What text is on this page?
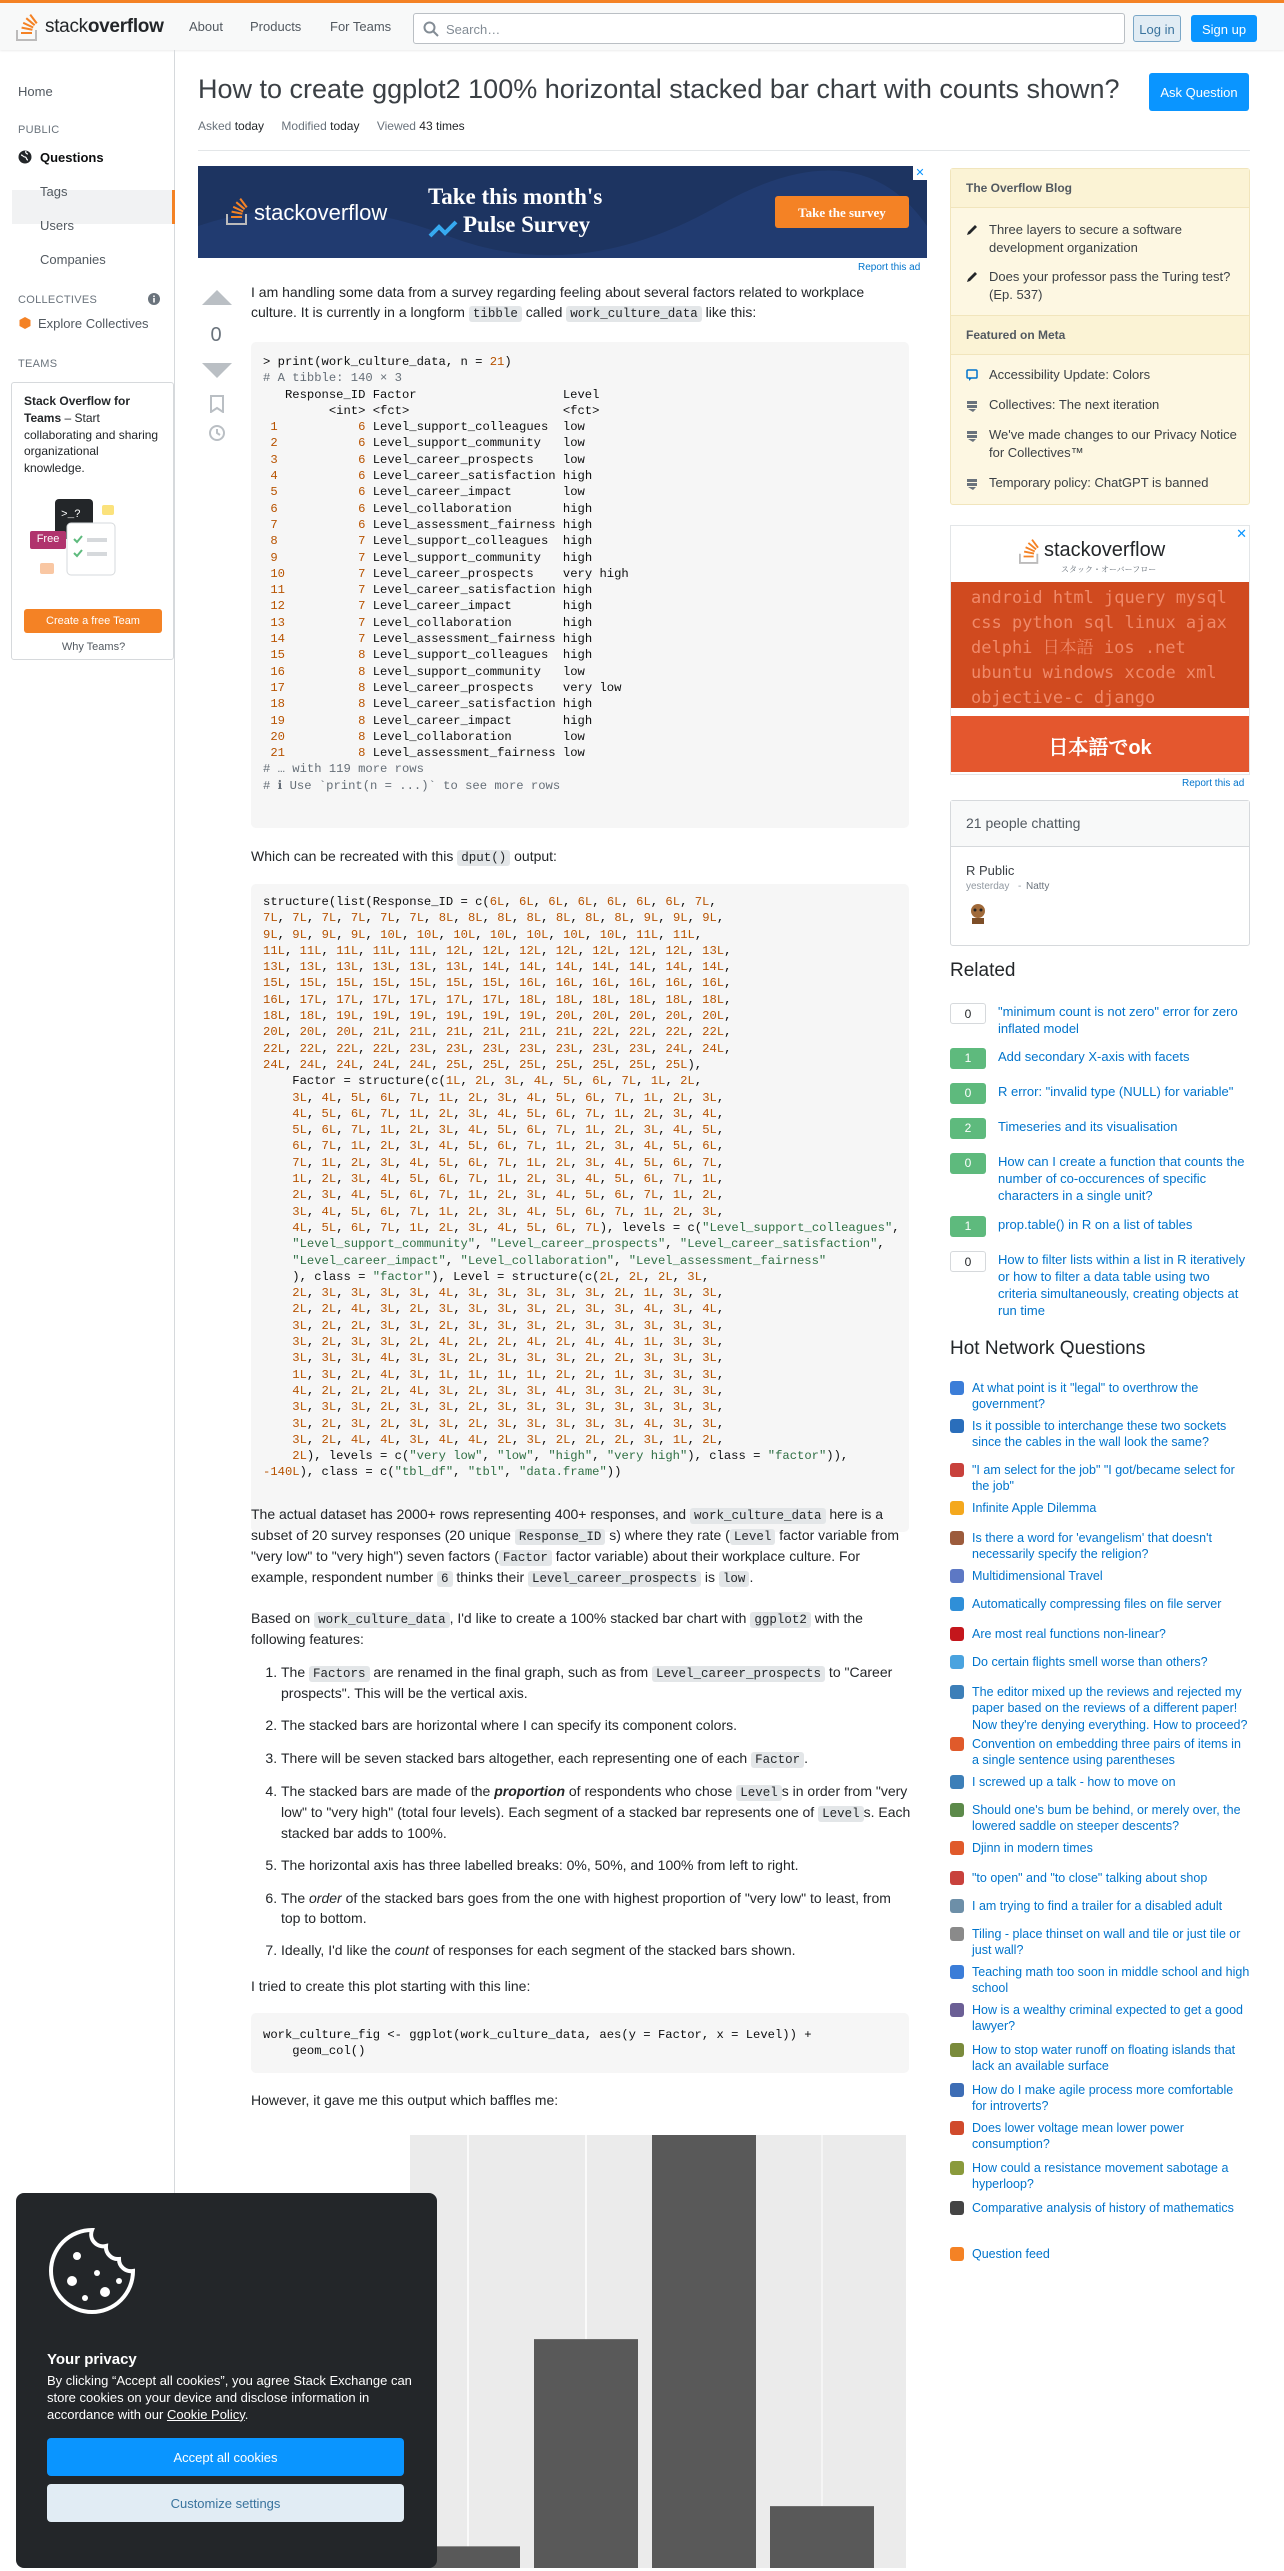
stackoverflow About Products For Teams	Search…	Log in	Sign up
Home
PUBLIC
Questions
Tags
Users
Companies
COLLECTIVES
Explore Collectives
TEAMS
Stack Overflow for Teams – Start collaborating and sharing organizational knowledge.
>_?
Free
Create a free Team
Why Teams?
How to create ggplot2 100% horizontal stacked bar chart with counts shown?	Ask Question
Asked today Modified today Viewed 43 times
stackoverflow
Take this month's
Pulse Survey	Take the survey
✕
Report this ad
0
I am handling some data from a survey regarding feeling about several factors related to workplace culture. It is currently in a longform tibble called work_culture_data like this:
> print(work_culture_data, n = 21)
# A tibble: 140 × 3
Response_ID Factor                    Level
<int> <fct>                     <fct>
1           6 Level_support_colleagues  low
2           6 Level_support_community   low
3           6 Level_career_prospects    low
4           6 Level_career_satisfaction high
5           6 Level_career_impact       low
6           6 Level_collaboration       high
7           6 Level_assessment_fairness high
8           7 Level_support_colleagues  high
9           7 Level_support_community   high
10          7 Level_career_prospects    very high
11          7 Level_career_satisfaction high
12          7 Level_career_impact       high
13          7 Level_collaboration       high
14          7 Level_assessment_fairness high
15          8 Level_support_colleagues  high
16          8 Level_support_community   low
17          8 Level_career_prospects    very low
18          8 Level_career_satisfaction high
19          8 Level_career_impact       high
20          8 Level_collaboration       low
21          8 Level_assessment_fairness low
# … with 119 more rows
# ℹ Use `print(n = ...)` to see more rows
Which can be recreated with this dput() output:
structure(list(Response_ID = c(6L, 6L, 6L, 6L, 6L, 6L, 6L, 7L,
7L, 7L, 7L, 7L, 7L, 7L, 8L, 8L, 8L, 8L, 8L, 8L, 8L, 9L, 9L, 9L,
9L, 9L, 9L, 9L, 10L, 10L, 10L, 10L, 10L, 10L, 10L, 11L, 11L,
11L, 11L, 11L, 11L, 11L, 12L, 12L, 12L, 12L, 12L, 12L, 12L, 13L,
13L, 13L, 13L, 13L, 13L, 13L, 14L, 14L, 14L, 14L, 14L, 14L, 14L,
15L, 15L, 15L, 15L, 15L, 15L, 15L, 16L, 16L, 16L, 16L, 16L, 16L,
16L, 17L, 17L, 17L, 17L, 17L, 17L, 18L, 18L, 18L, 18L, 18L, 18L,
18L, 18L, 19L, 19L, 19L, 19L, 19L, 19L, 20L, 20L, 20L, 20L, 20L,
20L, 20L, 20L, 21L, 21L, 21L, 21L, 21L, 21L, 22L, 22L, 22L, 22L,
22L, 22L, 22L, 22L, 23L, 23L, 23L, 23L, 23L, 23L, 23L, 24L, 24L,
24L, 24L, 24L, 24L, 24L, 25L, 25L, 25L, 25L, 25L, 25L, 25L),
Factor = structure(c(1L, 2L, 3L, 4L, 5L, 6L, 7L, 1L, 2L,
3L, 4L, 5L, 6L, 7L, 1L, 2L, 3L, 4L, 5L, 6L, 7L, 1L, 2L, 3L,
4L, 5L, 6L, 7L, 1L, 2L, 3L, 4L, 5L, 6L, 7L, 1L, 2L, 3L, 4L,
5L, 6L, 7L, 1L, 2L, 3L, 4L, 5L, 6L, 7L, 1L, 2L, 3L, 4L, 5L,
6L, 7L, 1L, 2L, 3L, 4L, 5L, 6L, 7L, 1L, 2L, 3L, 4L, 5L, 6L,
7L, 1L, 2L, 3L, 4L, 5L, 6L, 7L, 1L, 2L, 3L, 4L, 5L, 6L, 7L,
1L, 2L, 3L, 4L, 5L, 6L, 7L, 1L, 2L, 3L, 4L, 5L, 6L, 7L, 1L,
2L, 3L, 4L, 5L, 6L, 7L, 1L, 2L, 3L, 4L, 5L, 6L, 7L, 1L, 2L,
3L, 4L, 5L, 6L, 7L, 1L, 2L, 3L, 4L, 5L, 6L, 7L, 1L, 2L, 3L,
4L, 5L, 6L, 7L, 1L, 2L, 3L, 4L, 5L, 6L, 7L), levels = c("Level_support_colleagues",
"Level_support_community", "Level_career_prospects", "Level_career_satisfaction",
"Level_career_impact", "Level_collaboration", "Level_assessment_fairness"
), class = "factor"), Level = structure(c(2L, 2L, 2L, 3L,
2L, 3L, 3L, 3L, 3L, 4L, 3L, 3L, 3L, 3L, 3L, 2L, 1L, 3L, 3L,
2L, 2L, 4L, 3L, 2L, 3L, 3L, 3L, 3L, 2L, 3L, 3L, 4L, 3L, 4L,
3L, 2L, 2L, 3L, 3L, 2L, 3L, 3L, 3L, 2L, 3L, 3L, 3L, 3L, 3L,
3L, 2L, 3L, 3L, 2L, 4L, 2L, 2L, 4L, 2L, 4L, 4L, 1L, 3L, 3L,
3L, 3L, 3L, 4L, 3L, 3L, 2L, 3L, 3L, 3L, 2L, 2L, 3L, 3L, 3L,
1L, 3L, 2L, 4L, 3L, 1L, 1L, 1L, 1L, 2L, 2L, 1L, 3L, 3L, 3L,
4L, 2L, 2L, 2L, 4L, 3L, 2L, 3L, 3L, 4L, 3L, 3L, 2L, 3L, 3L,
3L, 3L, 3L, 2L, 3L, 3L, 2L, 3L, 3L, 3L, 3L, 3L, 3L, 3L, 3L,
3L, 2L, 3L, 2L, 3L, 3L, 2L, 3L, 3L, 3L, 3L, 3L, 4L, 3L, 3L,
3L, 2L, 4L, 4L, 3L, 4L, 4L, 2L, 3L, 2L, 2L, 2L, 3L, 1L, 2L,
2L), levels = c("very low", "low", "high", "very high"), class = "factor")),
-140L), class = c("tbl_df", "tbl", "data.frame"))
The actual dataset has 2000+ rows representing 400+ responses, and work_culture_data here is a subset of 20 survey responses (20 unique Response_ID s) where they rate ( Level factor variable from "very low" to "very high") seven factors ( Factor factor variable) about their workplace culture. For example, respondent number 6 thinks their Level_career_prospects is low .
Based on work_culture_data , I'd like to create a 100% stacked bar chart with ggplot2 with the following features:
1. The Factors are renamed in the final graph, such as from Level_career_prospects to "Career prospects". This will be the vertical axis.
2. The stacked bars are horizontal where I can specify its component colors.
3. There will be seven stacked bars altogether, each representing one of each Factor .
4. The stacked bars are made of the proportion of respondents who chose Level s in order from "very low" to "very high" (total four levels). Each segment of a stacked bar represents one of Level s. Each stacked bar adds to 100%.
5. The horizontal axis has three labelled breaks: 0%, 50%, and 100% from left to right.
6. The order of the stacked bars goes from the one with highest proportion of "very low" to least, from top to bottom.
7. Ideally, I'd like the count of responses for each segment of the stacked bars shown.
I tried to create this plot starting with this line:
work_culture_fig <- ggplot(work_culture_data, aes(y = Factor, x = Level)) +
geom_col()
However, it gave me this output which baffles me:
The Overflow Blog
Three layers to secure a software development organization
Does your professor pass the Turing test? (Ep. 537)
Featured on Meta
Accessibility Update: Colors
Collectives: The next iteration
We've made changes to our Privacy Notice for Collectives™
Temporary policy: ChatGPT is banned
stackoverflow
スタック・オーバーフロー
android html jquery mysql
css python sql linux ajax
delphi 日本語 ios .net
ubuntu windows xcode xml
objective-c django
日本語でok
✕
Report this ad
21 people chatting
R Public
yesterday - Natty
Related
0	"minimum count is not zero" error for zero inflated model
1	Add secondary X-axis with facets
0	R error: "invalid type (NULL) for variable"
2	Timeseries and its visualisation
0	How can I create a function that counts the number of co-occurences of specific characters in a single unit?
1	prop.table() in R on a list of tables
0	How to filter lists within a list in R iteratively or how to filter a data table using two criteria simultaneously, creating objects at run time
Hot Network Questions
At what point is it "legal" to overthrow the government?
Is it possible to interchange these two sockets since the cables in the wall look the same?
"I am select for the job" "I got/became select for the job"
Infinite Apple Dilemma
Is there a word for 'evangelism' that doesn't necessarily specify the religion?
Multidimensional Travel
Automatically compressing files on file server
Are most real functions non-linear?
Do certain flights smell worse than others?
The editor mixed up the reviews and rejected my paper based on the reviews of a different paper! Now they're denying everything. How to proceed?
Convention on embedding three pairs of items in a single sentence using parentheses
I screwed up a talk - how to move on
Should one's bum be behind, or merely over, the lowered saddle on steeper descents?
Djinn in modern times
"to open" and "to close" talking about shop
I am trying to find a trailer for a disabled adult
Tiling - place thinset on wall and tile or just tile or just wall?
Teaching math too soon in middle school and high school
How is a wealthy criminal expected to get a good lawyer?
How to stop water runoff on floating islands that lack an available surface
How do I make agile process more comfortable for introverts?
Does lower voltage mean lower power consumption?
How could a resistance movement sabotage a hyperloop?
Comparative analysis of history of mathematics
Question feed
Your privacy
By clicking “Accept all cookies”, you agree Stack Exchange can store cookies on your device and disclose information in accordance with our Cookie Policy.
Accept all cookies
Customize settings
